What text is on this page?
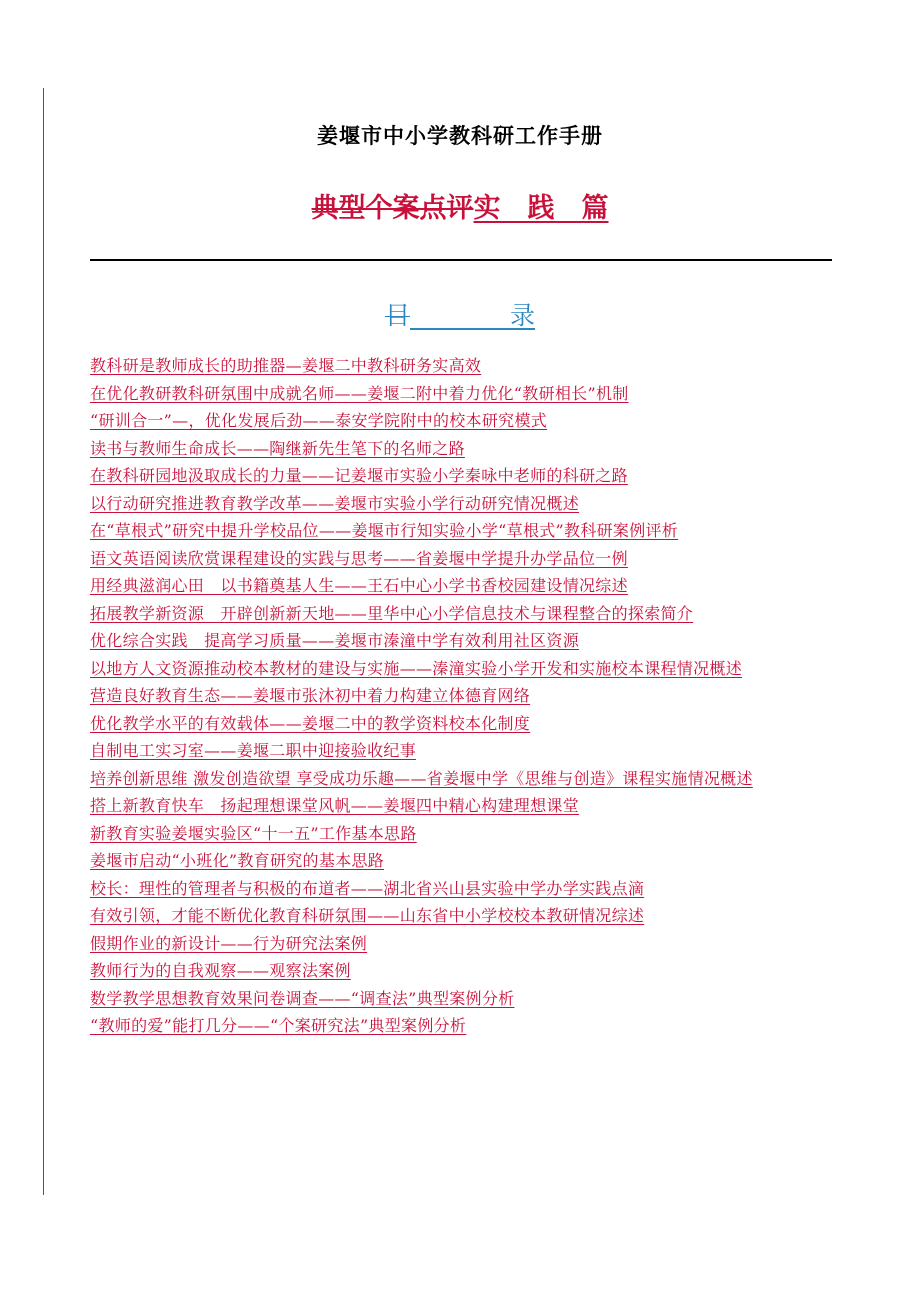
姜堰市中小学教科研工作手册
典型个案点评实　践　篇
目　　　　录
教科研是教师成长的助推器—姜堰二中教科研务实高效
在优化教研教科研氛围中成就名师——姜堰二附中着力优化“教研相长”机制
“研训合一”—，优化发展后劲——泰安学院附中的校本研究模式
读书与教师生命成长——陶继新先生笔下的名师之路
在教科研园地汲取成长的力量——记姜堰市实验小学秦咏中老师的科研之路
以行动研究推进教育教学改革——姜堰市实验小学行动研究情况概述
在“草根式”研究中提升学校品位——姜堰市行知实验小学“草根式”教科研案例评析
语文英语阅读欣赏课程建设的实践与思考——省姜堰中学提升办学品位一例
用经典滋润心田　以书籍奠基人生——王石中心小学书香校园建设情况综述
拓展教学新资源　开辟创新新天地——里华中心小学信息技术与课程整合的探索简介
优化综合实践　提高学习质量——姜堰市溱潼中学有效利用社区资源
以地方人文资源推动校本教材的建设与实施——溱潼实验小学开发和实施校本课程情况概述
营造良好教育生态——姜堰市张沐初中着力构建立体德育网络
优化教学水平的有效载体——姜堰二中的教学资料校本化制度
自制电工实习室——姜堰二职中迎接验收纪事
培养创新思维 激发创造欲望 享受成功乐趣——省姜堰中学《思维与创造》课程实施情况概述
搭上新教育快车　扬起理想课堂风帆——姜堰四中精心构建理想课堂
新教育实验姜堰实验区“十一五”工作基本思路
姜堰市启动“小班化”教育研究的基本思路
校长：理性的管理者与积极的布道者——湖北省兴山县实验中学办学实践点滴
有效引领，才能不断优化教育科研氛围——山东省中小学校校本教研情况综述
假期作业的新设计——行为研究法案例
教师行为的自我观察——观察法案例
数学教学思想教育效果问卷调查——“调查法”典型案例分析
“教师的爱”能打几分——“个案研究法”典型案例分析
